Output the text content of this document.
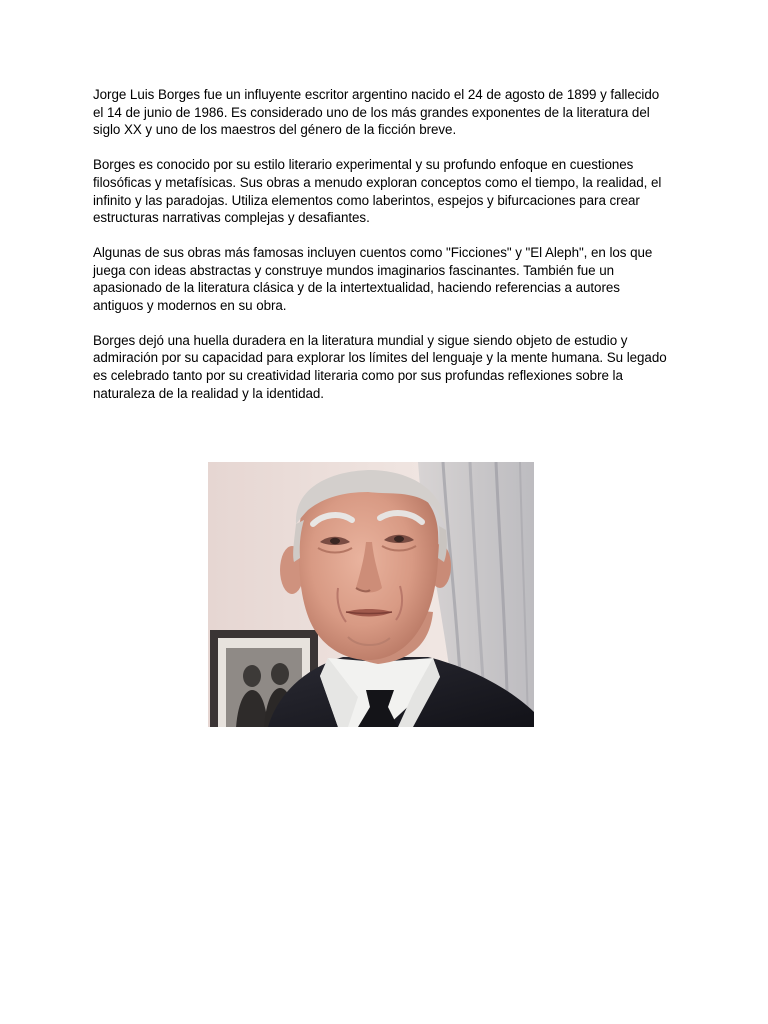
Jorge Luis Borges fue un influyente escritor argentino nacido el 24 de agosto de 1899 y fallecido el 14 de junio de 1986. Es considerado uno de los más grandes exponentes de la literatura del siglo XX y uno de los maestros del género de la ficción breve.

Borges es conocido por su estilo literario experimental y su profundo enfoque en cuestiones filosóficas y metafísicas. Sus obras a menudo exploran conceptos como el tiempo, la realidad, el infinito y las paradojas. Utiliza elementos como laberintos, espejos y bifurcaciones para crear estructuras narrativas complejas y desafiantes.

Algunas de sus obras más famosas incluyen cuentos como "Ficciones" y "El Aleph", en los que juega con ideas abstractas y construye mundos imaginarios fascinantes. También fue un apasionado de la literatura clásica y de la intertextualidad, haciendo referencias a autores antiguos y modernos en su obra.

Borges dejó una huella duradera en la literatura mundial y sigue siendo objeto de estudio y admiración por su capacidad para explorar los límites del lenguaje y la mente humana. Su legado es celebrado tanto por su creatividad literaria como por sus profundas reflexiones sobre la naturaleza de la realidad y la identidad.
